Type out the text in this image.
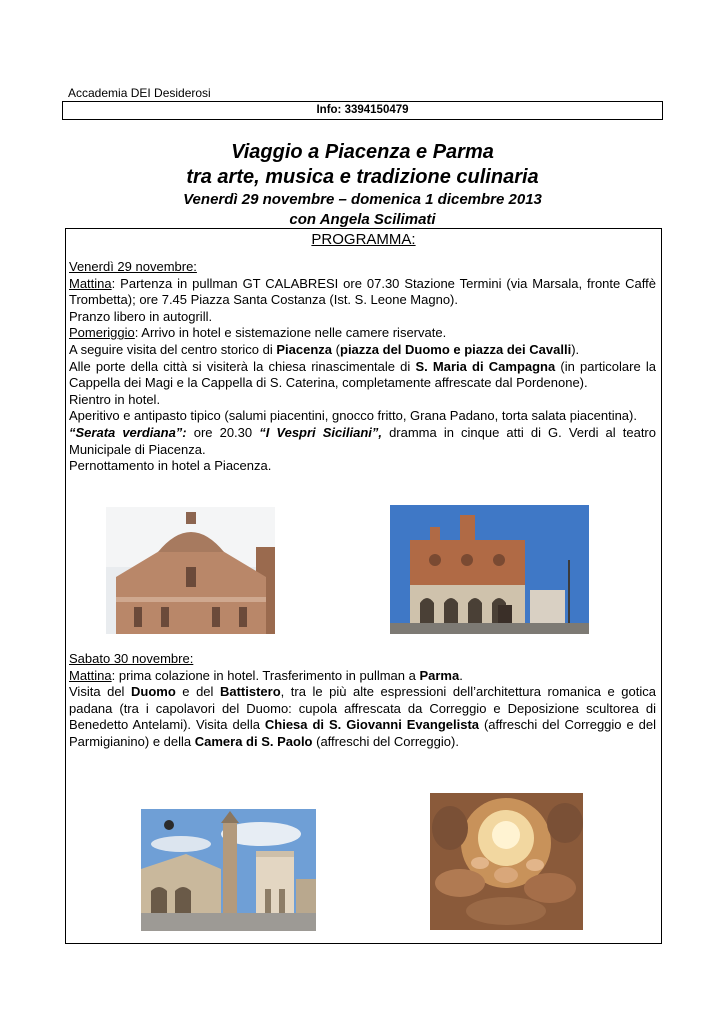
Accademia DEI Desiderosi
Info: 3394150479
Viaggio a Piacenza e Parma
tra arte, musica e tradizione culinaria
Venerdì 29 novembre – domenica 1 dicembre 2013
con Angela Scilimati
PROGRAMMA:
Venerdì 29 novembre:
Mattina: Partenza in pullman GT CALABRESI ore 07.30 Stazione Termini (via Marsala, fronte Caffè Trombetta); ore 7.45 Piazza Santa Costanza (Ist. S. Leone Magno).
Pranzo libero in autogrill.
Pomeriggio: Arrivo in hotel e sistemazione nelle camere riservate.
A seguire visita del centro storico di Piacenza (piazza del Duomo e piazza dei Cavalli).
Alle porte della città si visiterà la chiesa rinascimentale di S. Maria di Campagna (in particolare la Cappella dei Magi e la Cappella di S. Caterina, completamente affrescate dal Pordenone).
Rientro in hotel.
Aperitivo e antipasto tipico (salumi piacentini, gnocco fritto, Grana Padano, torta salata piacentina).
“Serata verdiana”: ore 20.30 “I Vespri Siciliani”, dramma in cinque atti di G. Verdi al teatro Municipale di Piacenza.
Pernottamento in hotel a Piacenza.
Sabato 30 novembre:
Mattina: prima colazione in hotel. Trasferimento in pullman a Parma.
Visita del Duomo e del Battistero, tra le più alte espressioni dell’architettura romanica e gotica padana (tra i capolavori del Duomo: cupola affrescata da Correggio e Deposizione scultorea di Benedetto Antelami). Visita della Chiesa di S. Giovanni Evangelista (affreschi del Correggio e del Parmigianino) e della Camera di S. Paolo (affreschi del Correggio).
